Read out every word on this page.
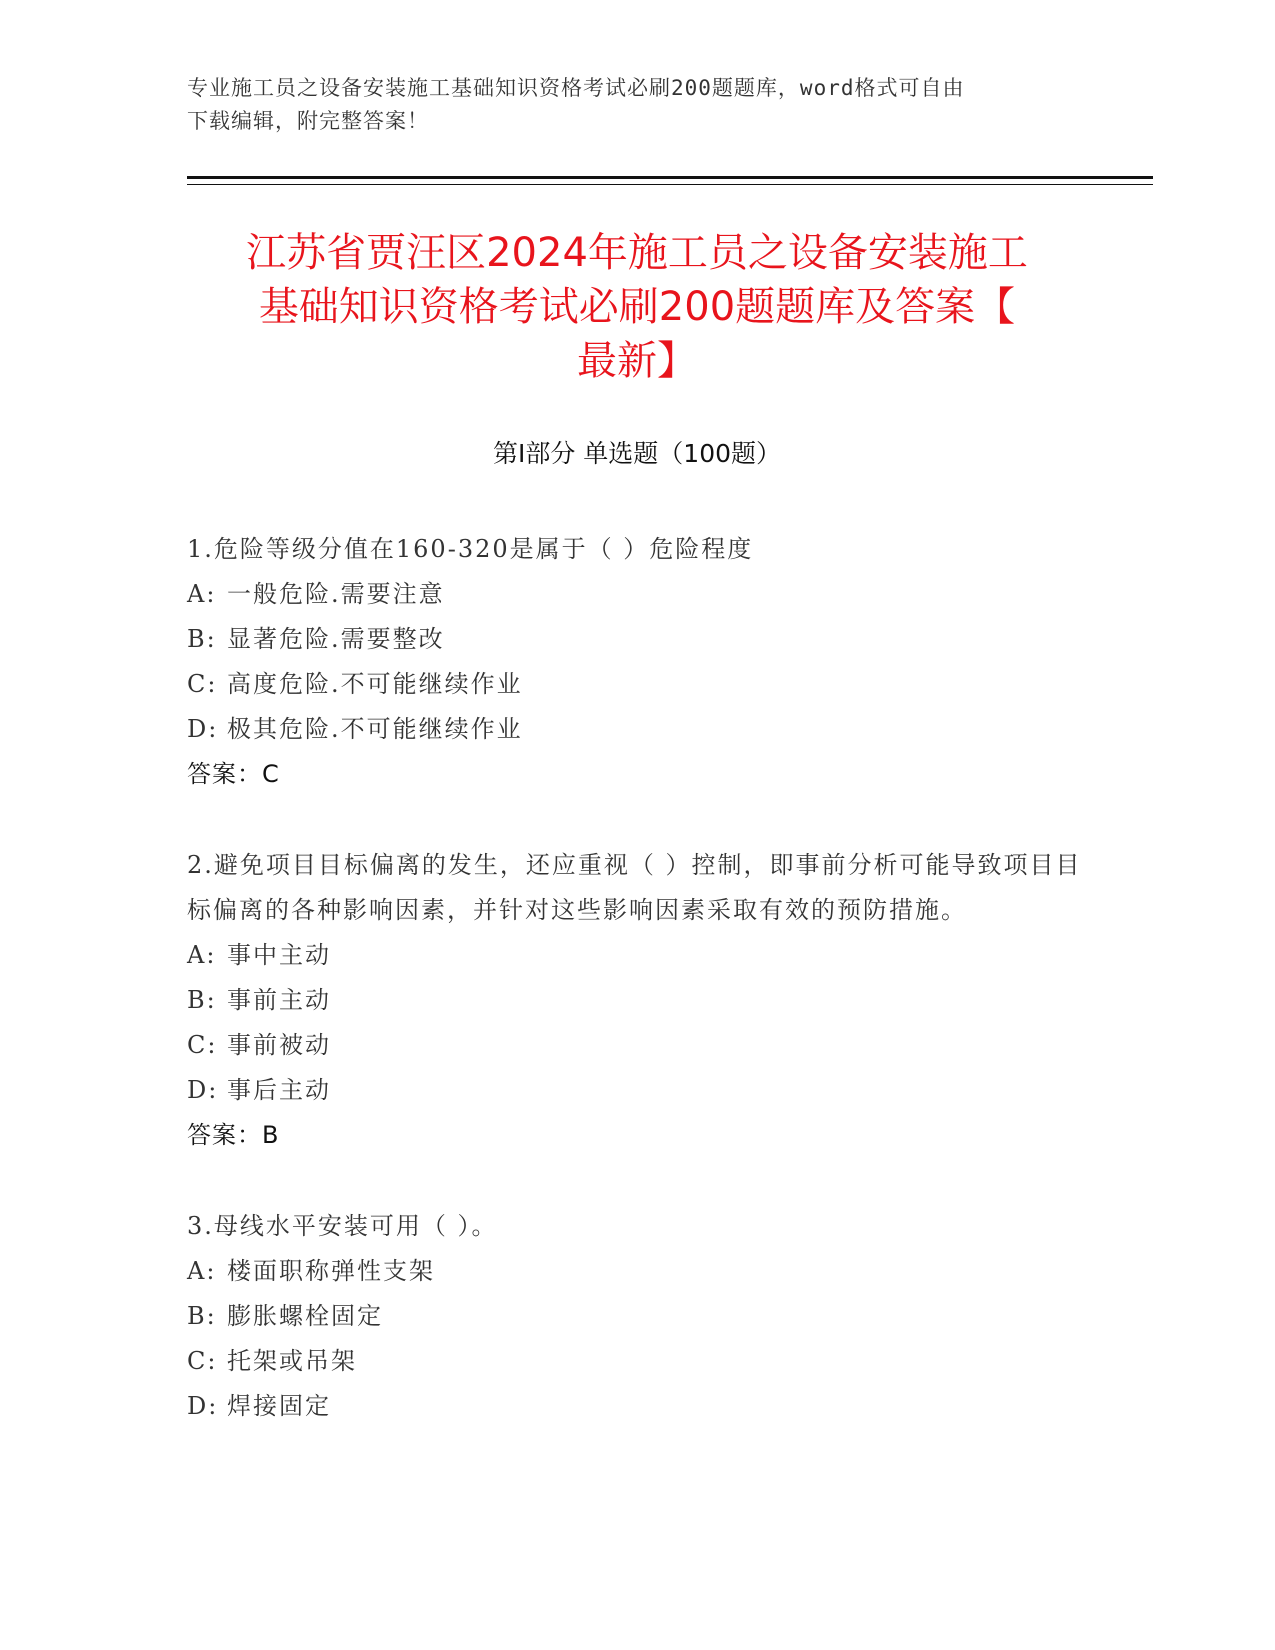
专业施工员之设备安装施工基础知识资格考试必刷200题题库，word格式可自由
下载编辑，附完整答案！
江苏省贾汪区2024年施工员之设备安装施工
基础知识资格考试必刷200题题库及答案【
最新】
第Ⅰ部分 单选题（100题）

1.危险等级分值在160-320是属于（ ）危险程度

A: 一般危险.需要注意

B: 显著危险.需要整改

C: 高度危险.不可能继续作业

D: 极其危险.不可能继续作业

答案：C

2.避免项目目标偏离的发生，还应重视（ ）控制，即事前分析可能导致项目目标偏离的各种影响因素，并针对这些影响因素采取有效的预防措施。

A: 事中主动

B: 事前主动

C: 事前被动

D: 事后主动

答案：B

3.母线水平安装可用（ ）。

A: 楼面职称弹性支架

B: 膨胀螺栓固定

C: 托架或吊架

D: 焊接固定
